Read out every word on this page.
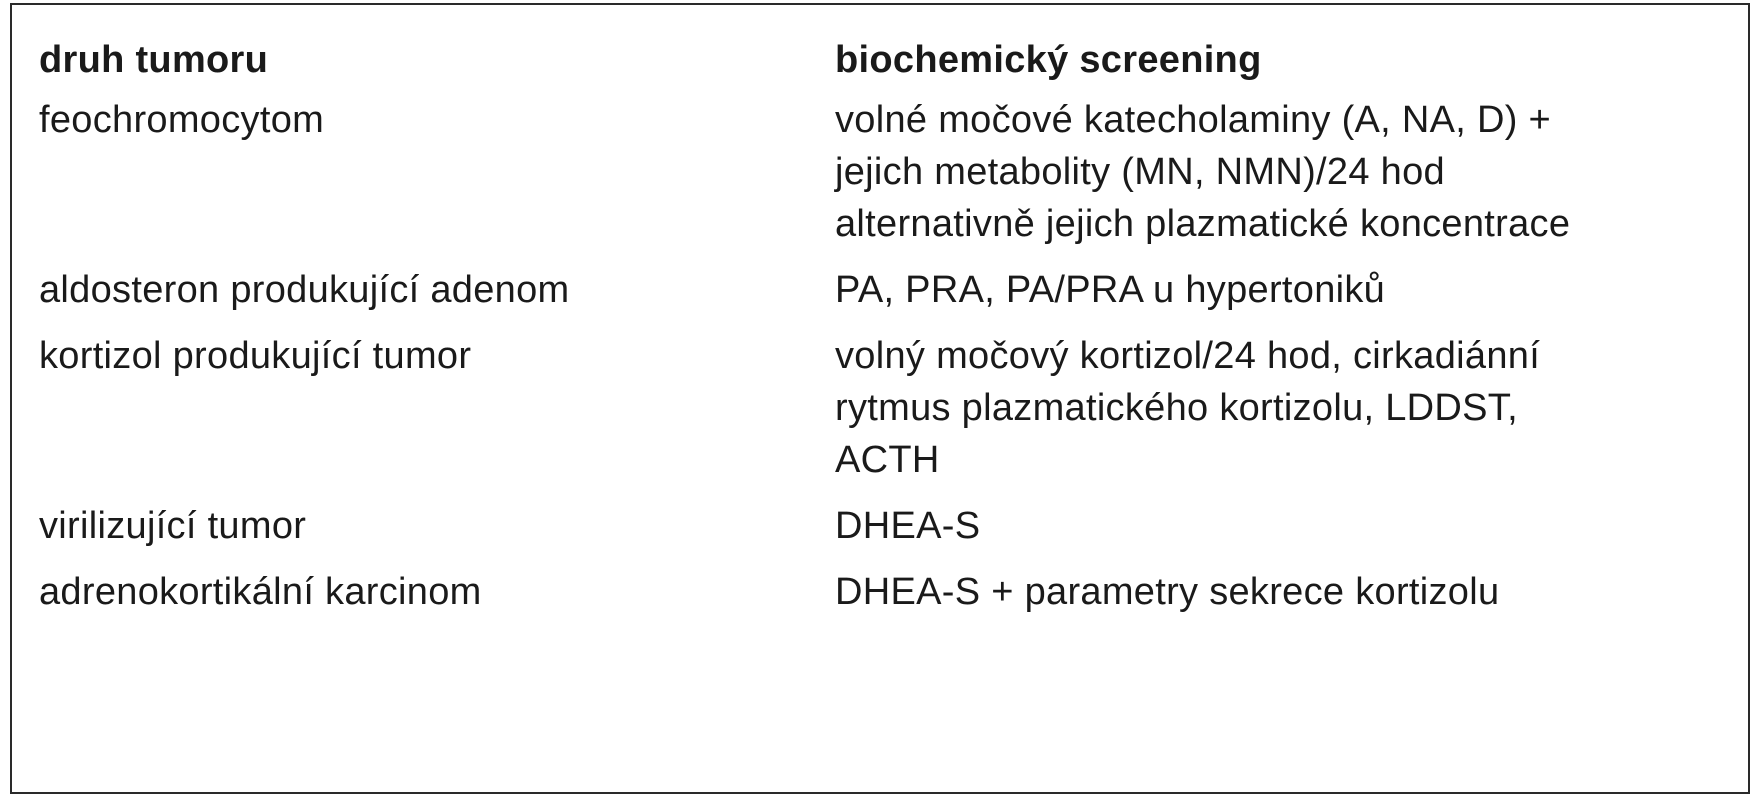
druh tumoru	biochemický screening
feochromocytom	volné močové katecholaminy (A, NA, D) +
jejich metabolity (MN, NMN)/24 hod
alternativně jejich plazmatické koncentrace
aldosteron produkující adenom	PA, PRA, PA/PRA u hypertoniků
kortizol produkující tumor	volný močový kortizol/24 hod, cirkadiánní
rytmus plazmatického kortizolu, LDDST,
ACTH
virilizující tumor	DHEA-S
adrenokortikální karcinom	DHEA-S + parametry sekrece kortizolu
